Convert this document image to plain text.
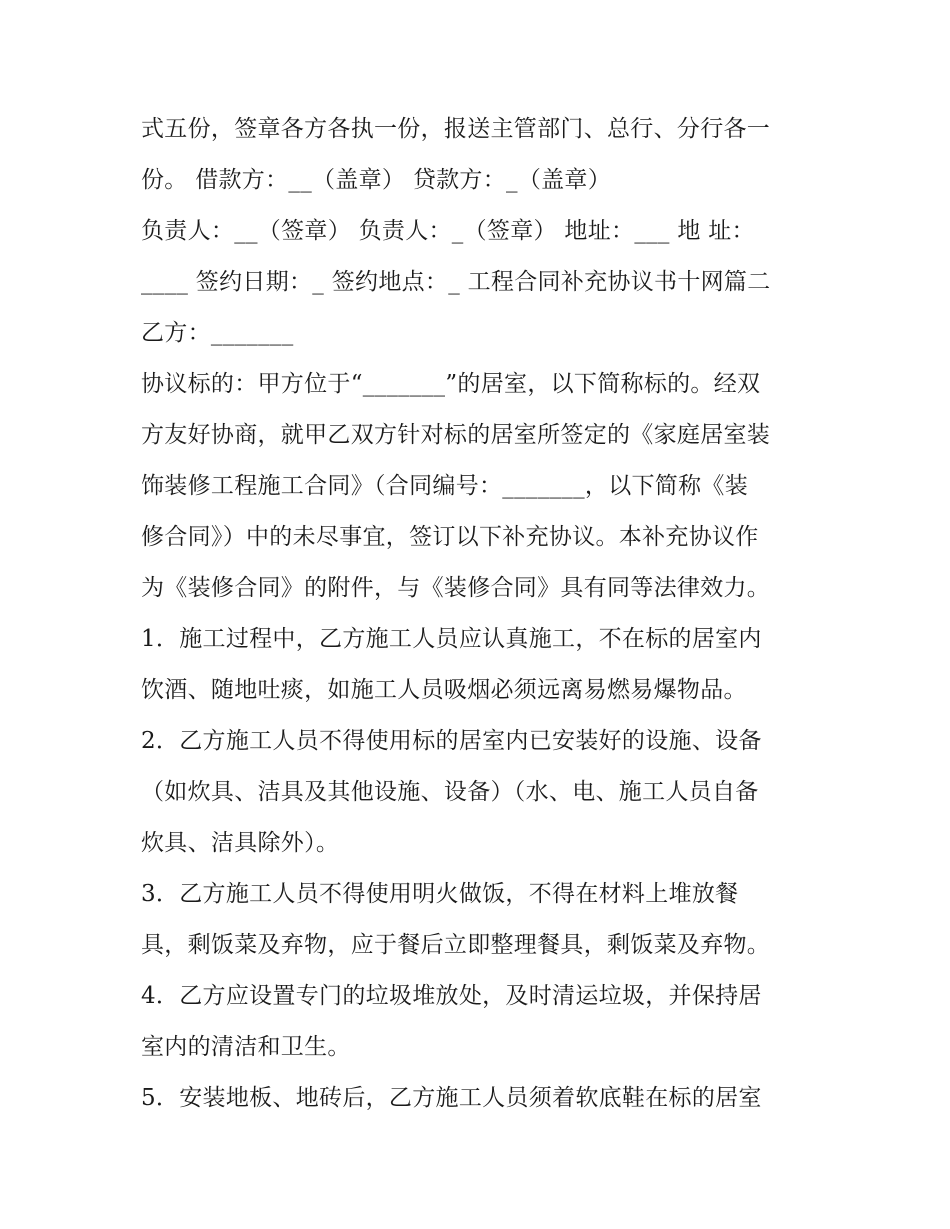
式五份，签章各方各执一份，报送主管部门、总行、分行各一
份。 借款方：__（盖章） 贷款方：_（盖章）
负责人：__（签章） 负责人：_（签章） 地址：___ 地 址：
____ 签约日期：_ 签约地点：_ 工程合同补充协议书十网篇二
乙方：_______
协议标的：甲方位于“_______”的居室，以下简称标的。经双
方友好协商，就甲乙双方针对标的居室所签定的《家庭居室装
饰装修工程施工合同》（合同编号：_______，以下简称《装
修合同》）中的未尽事宜，签订以下补充协议。本补充协议作
为《装修合同》的附件，与《装修合同》具有同等法律效力。
1．施工过程中，乙方施工人员应认真施工，不在标的居室内
饮酒、随地吐痰，如施工人员吸烟必须远离易燃易爆物品。
2．乙方施工人员不得使用标的居室内已安装好的设施、设备
（如炊具、洁具及其他设施、设备）（水、电、施工人员自备
炊具、洁具除外）。
3．乙方施工人员不得使用明火做饭，不得在材料上堆放餐
具，剩饭菜及弃物，应于餐后立即整理餐具，剩饭菜及弃物。
4．乙方应设置专门的垃圾堆放处，及时清运垃圾，并保持居
室内的清洁和卫生。
5．安装地板、地砖后，乙方施工人员须着软底鞋在标的居室
